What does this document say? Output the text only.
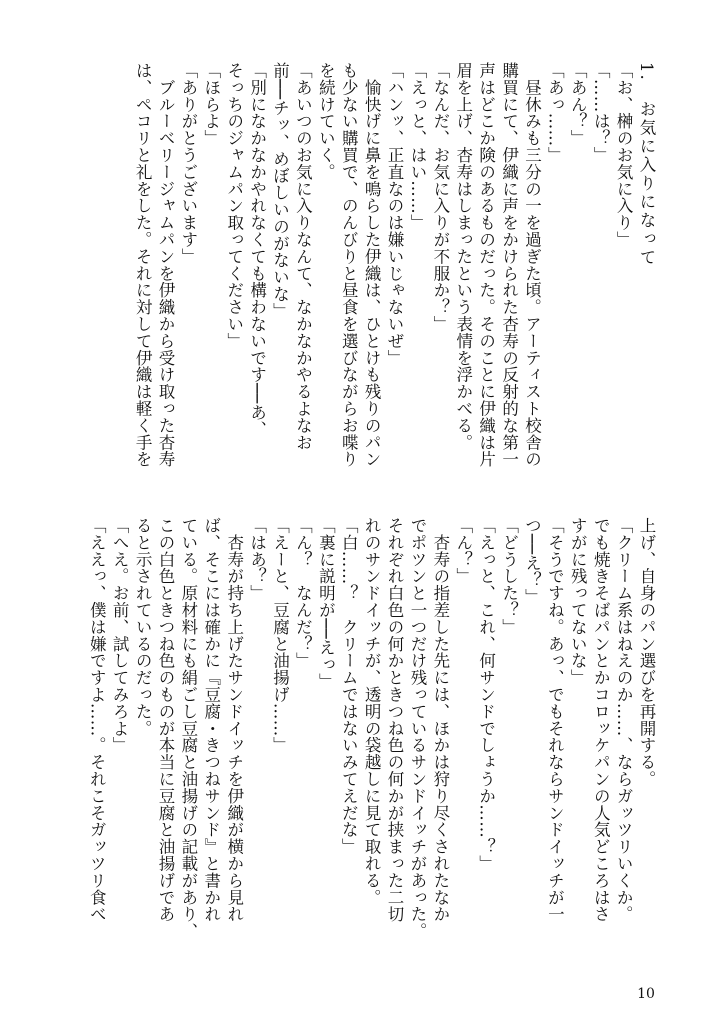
1.　お気に入りになって
「お、榊のお気に入り」
「……は？」
「あん？」
「あっ……」
　昼休みも三分の一を過ぎた頃。アーティスト校舎の
購買にて、伊織に声をかけられた杏寿の反射的な第一
声はどこか険のあるものだった。そのことに伊織は片
眉を上げ、杏寿はしまったという表情を浮かべる。
「なんだ、お気に入りが不服か？」
「えっと、はい……」
「ハンッ、正直なのは嫌いじゃないぜ」
　愉快げに鼻を鳴らした伊織は、ひとけも残りのパン
も少ない購買で、のんびりと昼食を選びながらお喋り
を続けていく。
「あいつのお気に入りなんて、なかなかやるよなお
前──チッ、めぼしいのがないな」
「別になかなかやれなくても構わないです──あ、
そっちのジャムパン取ってください」
「ほらよ」
「ありがとうございます」
　ブルーベリージャムパンを伊織から受け取った杏寿
は、ペコリと礼をした。それに対して伊織は軽く手を
上げ、自身のパン選びを再開する。
「クリーム系はねえのか……、ならガッツリいくか。
でも焼きそばパンとかコロッケパンの人気どころはさ
すがに残ってないな」
「そうですね。あっ、でもそれならサンドイッチが一
つ──え？」
「どうした？」
「えっと、これ、何サンドでしょうか……？」
「ん？」
　杏寿の指差した先には、ほかは狩り尽くされたなか
でポツンと一つだけ残っているサンドイッチがあった。
それぞれ白色の何かときつね色の何かが挟まった二切
れのサンドイッチが、透明の袋越しに見て取れる。
「白……？　クリームではないみてえだな」
「裏に説明が──えっ」
「ん？　なんだ？」
「えーと、豆腐と油揚げ……」
「はあ？」
　杏寿が持ち上げたサンドイッチを伊織が横から見れ
ば、そこには確かに『豆腐・きつねサンド』と書かれ
ている。原材料にも絹ごし豆腐と油揚げの記載があり、
この白色ときつね色のものが本当に豆腐と油揚げであ
ると示されているのだった。
「へえ。お前、試してみろよ」
「ええっ、僕は嫌ですよ……。それこそガッツリ食べ
10
